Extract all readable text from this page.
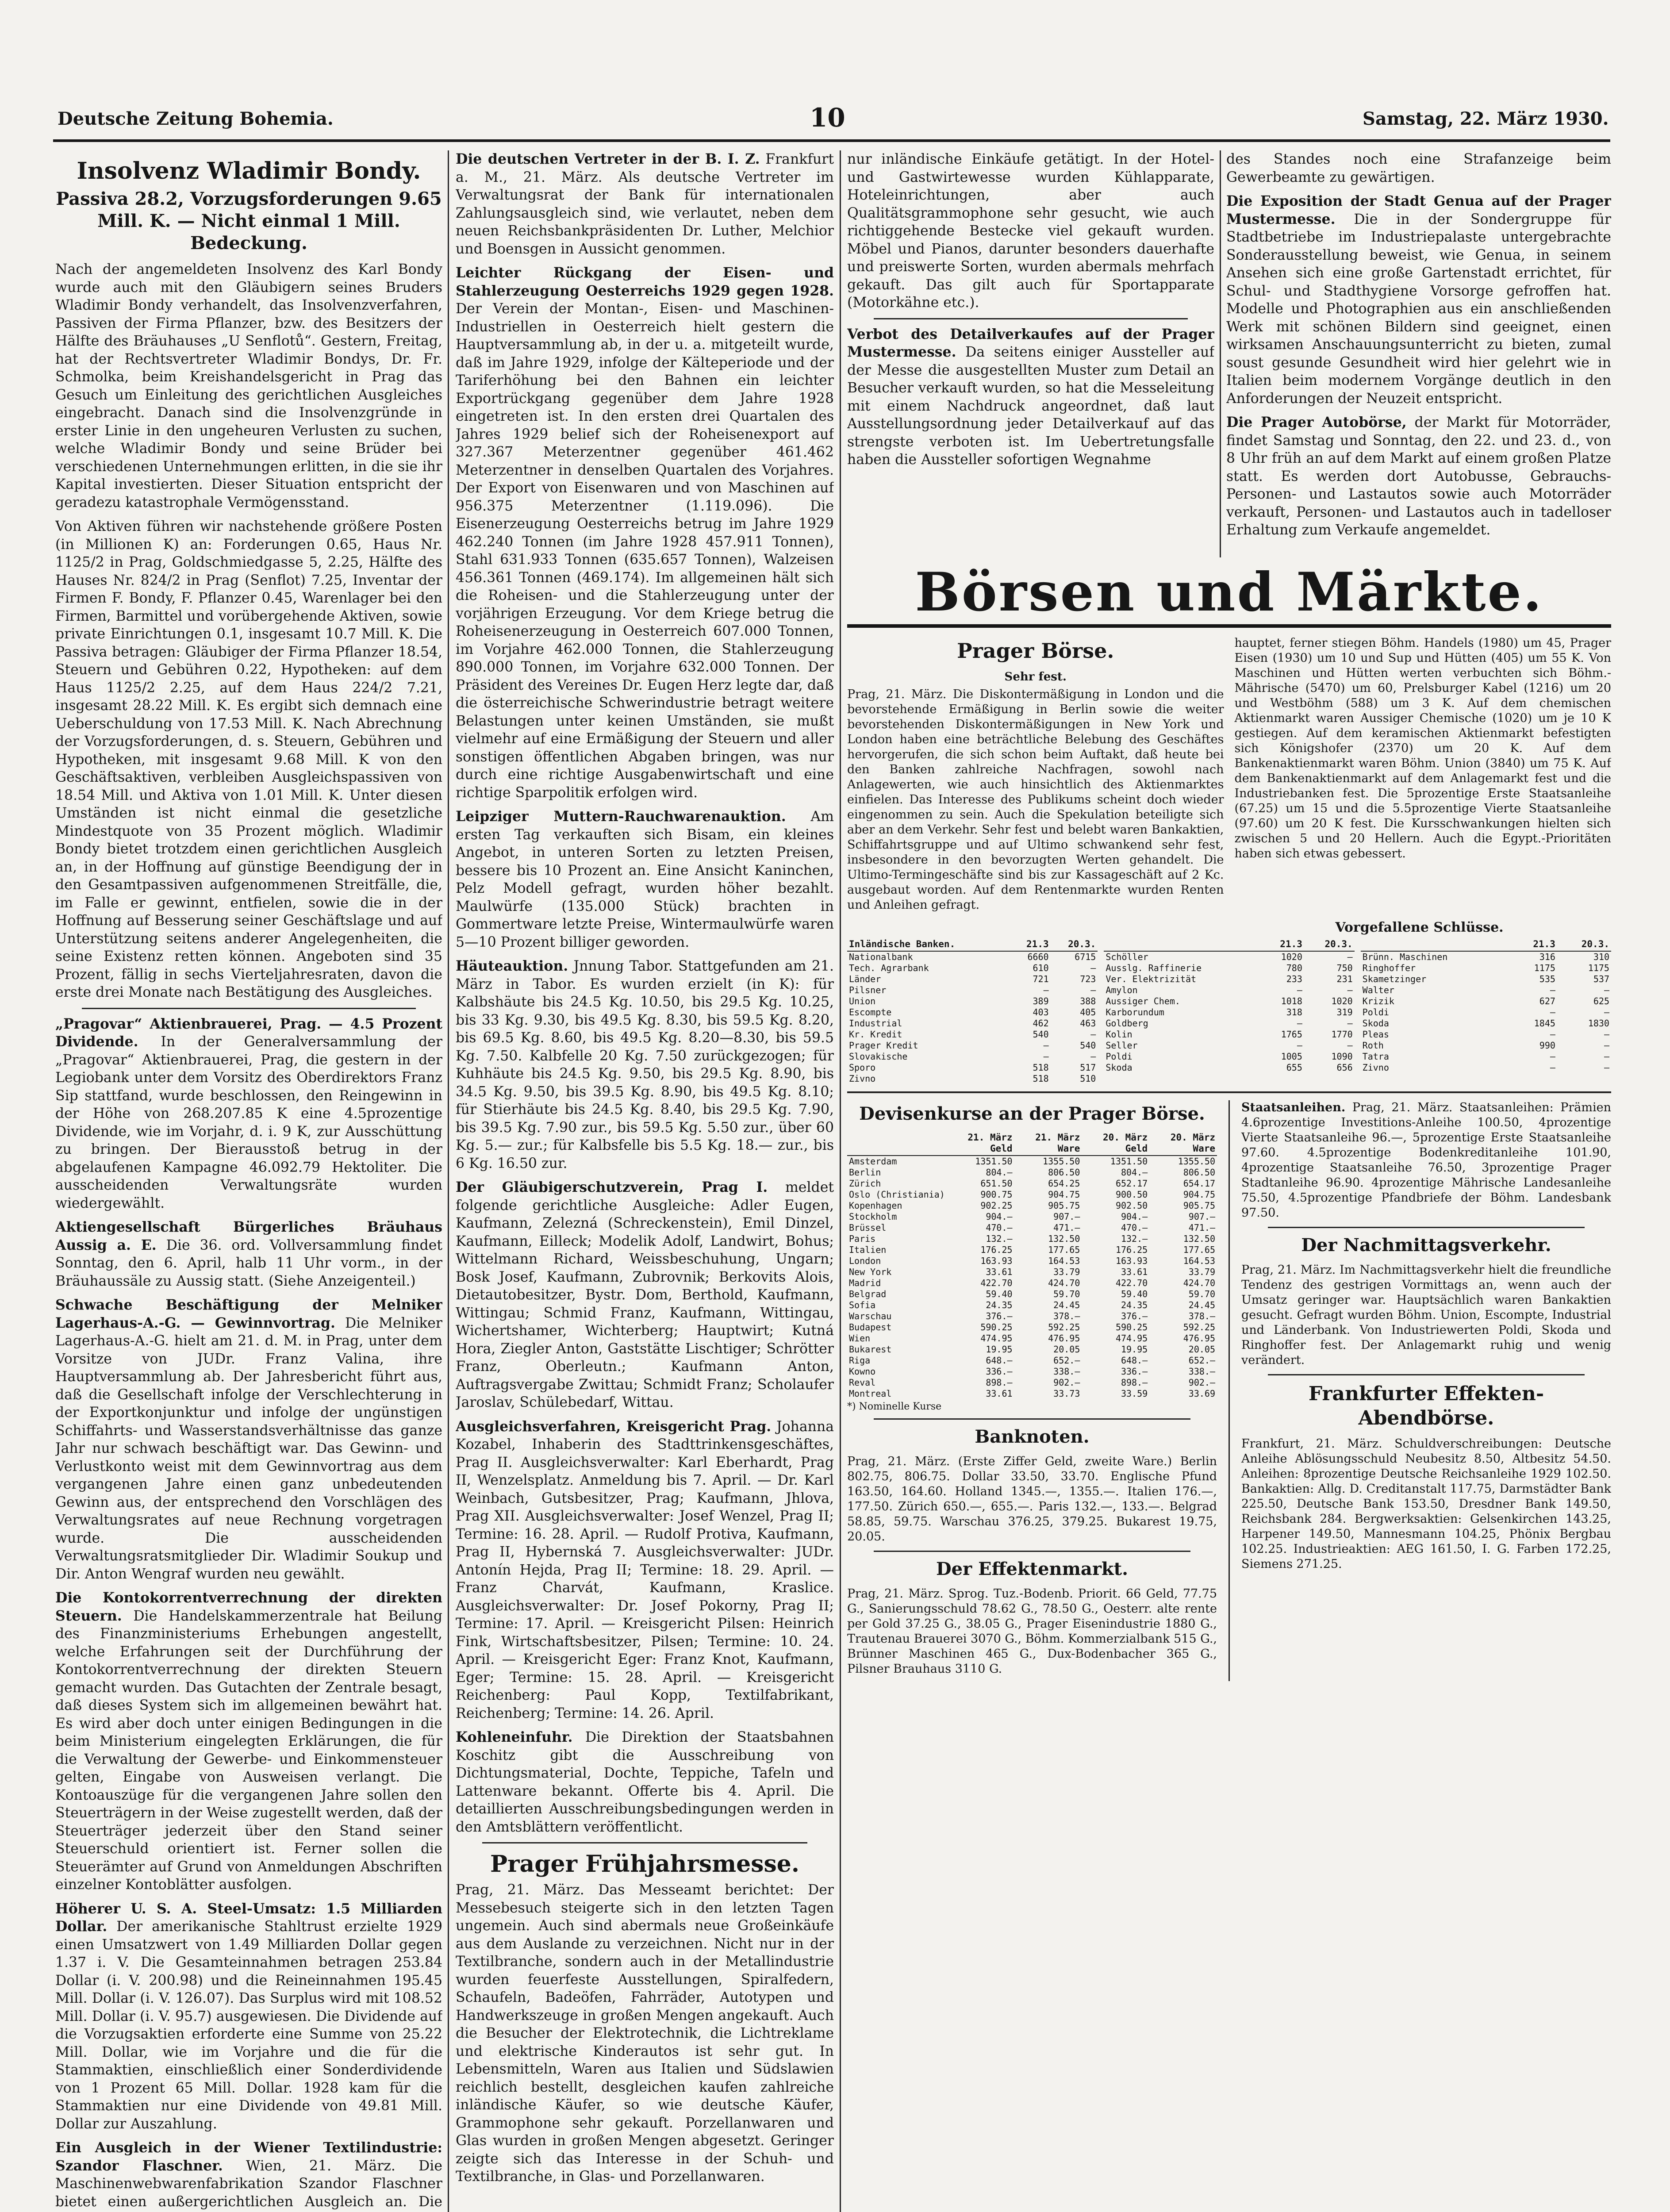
Deutsche Zeitung Bohemia.	10	Samstag, 22. März 1930.
Insolvenz Wladimir Bondy.
Passiva 28.2, Vorzugsforderungen 9.65 Mill. K. — Nicht einmal 1 Mill. Bedeckung.

Nach der angemeldeten Insolvenz des Karl Bondy wurde auch mit den Gläubigern seines Bruders Wladimir Bondy verhandelt, das Insolvenzverfahren, Passiven der Firma Pflanzer, bzw. des Besitzers der Hälfte des Bräuhauses „U Senflotů“. Gestern, Freitag, hat der Rechtsvertreter Wladimir Bondys, Dr. Fr. Schmolka, beim Kreishandelsgericht in Prag das Gesuch um Einleitung des gerichtlichen Ausgleiches eingebracht. Danach sind die Insolvenzgründe in erster Linie in den ungeheuren Verlusten zu suchen, welche Wladimir Bondy und seine Brüder bei verschiedenen Unternehmungen erlitten, in die sie ihr Kapital investierten. Dieser Situation entspricht der geradezu katastrophale Vermögensstand.

Von Aktiven führen wir nachstehende größere Posten (in Millionen K) an: Forderungen 0.65, Haus Nr. 1125/2 in Prag, Goldschmiedgasse 5, 2.25, Hälfte des Hauses Nr. 824/2 in Prag (Senflot) 7.25, Inventar der Firmen F. Bondy, F. Pflanzer 0.45, Warenlager bei den Firmen, Barmittel und vorübergehende Aktiven, sowie private Einrichtungen 0.1, insgesamt 10.7 Mill. K. Die Passiva betragen: Gläubiger der Firma Pflanzer 18.54, Steuern und Gebühren 0.22, Hypotheken: auf dem Haus 1125/2 2.25, auf dem Haus 224/2 7.21, insgesamt 28.22 Mill. K. Es ergibt sich demnach eine Ueberschuldung von 17.53 Mill. K. Nach Abrechnung der Vorzugsforderungen, d. s. Steuern, Gebühren und Hypotheken, mit insgesamt 9.68 Mill. K von den Geschäftsaktiven, verbleiben Ausgleichspassiven von 18.54 Mill. und Aktiva von 1.01 Mill. K. Unter diesen Umständen ist nicht einmal die gesetzliche Mindestquote von 35 Prozent möglich. Wladimir Bondy bietet trotzdem einen gerichtlichen Ausgleich an, in der Hoffnung auf günstige Beendigung der in den Gesamtpassiven aufgenommenen Streitfälle, die, im Falle er gewinnt, entfielen, sowie die in der Hoffnung auf Besserung seiner Geschäftslage und auf Unterstützung seitens anderer Angelegenheiten, die seine Existenz retten können. Angeboten sind 35 Prozent, fällig in sechs Vierteljahresraten, davon die erste drei Monate nach Bestätigung des Ausgleiches.

„Pragovar“ Aktienbrauerei, Prag. — 4.5 Prozent Dividende. In der Generalversammlung der „Pragovar“ Aktienbrauerei, Prag, die gestern in der Legiobank unter dem Vorsitz des Oberdirektors Franz Sip stattfand, wurde beschlossen, den Reingewinn in der Höhe von 268.207.85 K eine 4.5prozentige Dividende, wie im Vorjahr, d. i. 9 K, zur Ausschüttung zu bringen. Der Bierausstoß betrug in der abgelaufenen Kampagne 46.092.79 Hektoliter. Die ausscheidenden Verwaltungsräte wurden wiedergewählt.

Aktiengesellschaft Bürgerliches Bräuhaus Aussig a. E. Die 36. ord. Vollversammlung findet Sonntag, den 6. April, halb 11 Uhr vorm., in der Bräuhaussäle zu Aussig statt. (Siehe Anzeigenteil.)

Schwache Beschäftigung der Melniker Lagerhaus-A.-G. — Gewinnvortrag. Die Melniker Lagerhaus-A.-G. hielt am 21. d. M. in Prag, unter dem Vorsitze von JUDr. Franz Valina, ihre Hauptversammlung ab. Der Jahresbericht führt aus, daß die Gesellschaft infolge der Verschlechterung in der Exportkonjunktur und infolge der ungünstigen Schiffahrts- und Wasserstandsverhältnisse das ganze Jahr nur schwach beschäftigt war. Das Gewinn- und Verlustkonto weist mit dem Gewinnvortrag aus dem vergangenen Jahre einen ganz unbedeutenden Gewinn aus, der entsprechend den Vorschlägen des Verwaltungsrates auf neue Rechnung vorgetragen wurde. Die ausscheidenden Verwaltungsratsmitglieder Dir. Wladimir Soukup und Dir. Anton Wengraf wurden neu gewählt.

Die Kontokorrentverrechnung der direkten Steuern. Die Handelskammerzentrale hat Beilung des Finanzministeriums Erhebungen angestellt, welche Erfahrungen seit der Durchführung der Kontokorrentverrechnung der direkten Steuern gemacht wurden. Das Gutachten der Zentrale besagt, daß dieses System sich im allgemeinen bewährt hat. Es wird aber doch unter einigen Bedingungen in die beim Ministerium eingelegten Erklärungen, die für die Verwaltung der Gewerbe- und Einkommensteuer gelten, Eingabe von Ausweisen verlangt. Die Kontoauszüge für die vergangenen Jahre sollen den Steuerträgern in der Weise zugestellt werden, daß der Steuerträger jederzeit über den Stand seiner Steuerschuld orientiert ist. Ferner sollen die Steuerämter auf Grund von Anmeldungen Abschriften einzelner Kontoblätter ausfolgen.

Höherer U. S. A. Steel-Umsatz: 1.5 Milliarden Dollar. Der amerikanische Stahltrust erzielte 1929 einen Umsatzwert von 1.49 Milliarden Dollar gegen 1.37 i. V. Die Gesamteinnahmen betragen 253.84 Dollar (i. V. 200.98) und die Reineinnahmen 195.45 Mill. Dollar (i. V. 126.07). Das Surplus wird mit 108.52 Mill. Dollar (i. V. 95.7) ausgewiesen. Die Dividende auf die Vorzugsaktien erforderte eine Summe von 25.22 Mill. Dollar, wie im Vorjahre und die für die Stammaktien, einschließlich einer Sonderdividende von 1 Prozent 65 Mill. Dollar. 1928 kam für die Stammaktien nur eine Dividende von 49.81 Mill. Dollar zur Auszahlung.

Ein Ausgleich in der Wiener Textilindustrie: Szandor Flaschner. Wien, 21. März. Die Maschinenwebwarenfabrikation Szandor Flaschner bietet einen außergerichtlichen Ausgleich an. Die

Die deutschen Vertreter in der B. I. Z. Frankfurt a. M., 21. März. Als deutsche Vertreter im Verwaltungsrat der Bank für internationalen Zahlungsausgleich sind, wie verlautet, neben dem neuen Reichsbankpräsidenten Dr. Luther, Melchior und Boensgen in Aussicht genommen.

Leichter Rückgang der Eisen- und Stahlerzeugung Oesterreichs 1929 gegen 1928. Der Verein der Montan-, Eisen- und Maschinen-Industriellen in Oesterreich hielt gestern die Hauptversammlung ab, in der u. a. mitgeteilt wurde, daß im Jahre 1929, infolge der Kälteperiode und der Tariferhöhung bei den Bahnen ein leichter Exportrückgang gegenüber dem Jahre 1928 eingetreten ist. In den ersten drei Quartalen des Jahres 1929 belief sich der Roheisenexport auf 327.367 Meterzentner gegenüber 461.462 Meterzentner in denselben Quartalen des Vorjahres. Der Export von Eisenwaren und von Maschinen auf 956.375 Meterzentner (1.119.096). Die Eisenerzeugung Oesterreichs betrug im Jahre 1929 462.240 Tonnen (im Jahre 1928 457.911 Tonnen), Stahl 631.933 Tonnen (635.657 Tonnen), Walzeisen 456.361 Tonnen (469.174). Im allgemeinen hält sich die Roheisen- und die Stahlerzeugung unter der vorjährigen Erzeugung. Vor dem Kriege betrug die Roheisenerzeugung in Oesterreich 607.000 Tonnen, im Vorjahre 462.000 Tonnen, die Stahlerzeugung 890.000 Tonnen, im Vorjahre 632.000 Tonnen. Der Präsident des Vereines Dr. Eugen Herz legte dar, daß die österreichische Schwerindustrie betragt weitere Belastungen unter keinen Umständen, sie mußt vielmehr auf eine Ermäßigung der Steuern und aller sonstigen öffentlichen Abgaben bringen, was nur durch eine richtige Ausgabenwirtschaft und eine richtige Sparpolitik erfolgen wird.

Leipziger Muttern-Rauchwarenauktion. Am ersten Tag verkauften sich Bisam, ein kleines Angebot, in unteren Sorten zu letzten Preisen, bessere bis 10 Prozent an. Eine Ansicht Kaninchen, Pelz Modell gefragt, wurden höher bezahlt. Maulwürfe (135.000 Stück) brachten in Gommertware letzte Preise, Wintermaulwürfe waren 5—10 Prozent billiger geworden.

Häuteauktion. Jnnung Tabor. Stattgefunden am 21. März in Tabor. Es wurden erzielt (in K): für Kalbshäute bis 24.5 Kg. 10.50, bis 29.5 Kg. 10.25, bis 33 Kg. 9.30, bis 49.5 Kg. 8.30, bis 59.5 Kg. 8.20, bis 69.5 Kg. 8.60, bis 49.5 Kg. 8.20—8.30, bis 59.5 Kg. 7.50. Kalbfelle 20 Kg. 7.50 zurückgezogen; für Kuhhäute bis 24.5 Kg. 9.50, bis 29.5 Kg. 8.90, bis 34.5 Kg. 9.50, bis 39.5 Kg. 8.90, bis 49.5 Kg. 8.10; für Stierhäute bis 24.5 Kg. 8.40, bis 29.5 Kg. 7.90, bis 39.5 Kg. 7.90 zur., bis 59.5 Kg. 5.50 zur., über 60 Kg. 5.— zur.; für Kalbsfelle bis 5.5 Kg. 18.— zur., bis 6 Kg. 16.50 zur.

Der Gläubigerschutzverein, Prag I. meldet folgende gerichtliche Ausgleiche: Adler Eugen, Kaufmann, Zelezná (Schreckenstein), Emil Dinzel, Kaufmann, Eilleck; Modelik Adolf, Landwirt, Bohus; Wittelmann Richard, Weissbeschuhung, Ungarn; Bosk Josef, Kaufmann, Zubrovnik; Berkovits Alois, Dietautobesitzer, Bystr. Dom, Berthold, Kaufmann, Wittingau; Schmid Franz, Kaufmann, Wittingau, Wichertshamer, Wichterberg; Hauptwirt; Kutná Hora, Ziegler Anton, Gaststätte Lischtiger; Schrötter Franz, Oberleutn.; Kaufmann Anton, Auftragsvergabe Zwittau; Schmidt Franz; Scholaufer Jaroslav, Schülebedarf, Wittau.

Ausgleichsverfahren, Kreisgericht Prag. Johanna Kozabel, Inhaberin des Stadttrinkensgeschäftes, Prag II. Ausgleichsverwalter: Karl Eberhardt, Prag II, Wenzelsplatz. Anmeldung bis 7. April. — Dr. Karl Weinbach, Gutsbesitzer, Prag; Kaufmann, Jhlova, Prag XII. Ausgleichsverwalter: Josef Wenzel, Prag II; Termine: 16. 28. April. — Rudolf Protiva, Kaufmann, Prag II, Hybernská 7. Ausgleichsverwalter: JUDr. Antonín Hejda, Prag II; Termine: 18. 29. April. — Franz Charvát, Kaufmann, Kraslice. Ausgleichsverwalter: Dr. Josef Pokorny, Prag II; Termine: 17. April. — Kreisgericht Pilsen: Heinrich Fink, Wirtschaftsbesitzer, Pilsen; Termine: 10. 24. April. — Kreisgericht Eger: Franz Knot, Kaufmann, Eger; Termine: 15. 28. April. — Kreisgericht Reichenberg: Paul Kopp, Textilfabrikant, Reichenberg; Termine: 14. 26. April.

Kohleneinfuhr. Die Direktion der Staatsbahnen Koschitz gibt die Ausschreibung von Dichtungsmaterial, Dochte, Teppiche, Tafeln und Lattenware bekannt. Offerte bis 4. April. Die detaillierten Ausschreibungsbedingungen werden in den Amtsblättern veröffentlicht.

Prager Frühjahrsmesse.

Prag, 21. März. Das Messeamt berichtet: Der Messebesuch steigerte sich in den letzten Tagen ungemein. Auch sind abermals neue Großeinkäufe aus dem Auslande zu verzeichnen. Nicht nur in der Textilbranche, sondern auch in der Metallindustrie wurden feuerfeste Ausstellungen, Spiralfedern, Schaufeln, Badeöfen, Fahrräder, Autotypen und Handwerkszeuge in großen Mengen angekauft. Auch die Besucher der Elektrotechnik, die Lichtreklame und elektrische Kinderautos ist sehr gut. In Lebensmitteln, Waren aus Italien und Südslawien reichlich bestellt, desgleichen kaufen zahlreiche inländische Käufer, so wie deutsche Käufer, Grammophone sehr gekauft. Porzellanwaren und Glas wurden in großen Mengen abgesetzt. Geringer zeigte sich das Interesse in der Schuh- und Textilbranche, in Glas- und Porzellanwaren.

nur inländische Einkäufe getätigt. In der Hotel- und Gastwirtewesse wurden Kühlapparate, Hoteleinrichtungen, aber auch Qualitätsgrammophone sehr gesucht, wie auch richtiggehende Bestecke viel gekauft wurden. Möbel und Pianos, darunter besonders dauerhafte und preiswerte Sorten, wurden abermals mehrfach gekauft. Das gilt auch für Sportapparate (Motorkähne etc.).

Verbot des Detailverkaufes auf der Prager Mustermesse. Da seitens einiger Aussteller auf der Messe die ausgestellten Muster zum Detail an Besucher verkauft wurden, so hat die Messeleitung mit einem Nachdruck angeordnet, daß laut Ausstellungsordnung jeder Detailverkauf auf das strengste verboten ist. Im Uebertretungsfalle haben die Aussteller sofortigen Wegnahme

des Standes noch eine Strafanzeige beim Gewerbeamte zu gewärtigen.

Die Exposition der Stadt Genua auf der Prager Mustermesse. Die in der Sondergruppe für Stadtbetriebe im Industriepalaste untergebrachte Sonderausstellung beweist, wie Genua, in seinem Ansehen sich eine große Gartenstadt errichtet, für Schul- und Stadthygiene Vorsorge gefroffen hat. Modelle und Photographien aus ein anschließenden Werk mit schönen Bildern sind geeignet, einen wirksamen Anschauungsunterricht zu bieten, zumal soust gesunde Gesundheit wird hier gelehrt wie in Italien beim modernem Vorgänge deutlich in den Anforderungen der Neuzeit entspricht.

Die Prager Autobörse, der Markt für Motorräder, findet Samstag und Sonntag, den 22. und 23. d., von 8 Uhr früh an auf dem Markt auf einem großen Platze statt. Es werden dort Autobusse, Gebrauchs-Personen- und Lastautos sowie auch Motorräder verkauft, Personen- und Lastautos auch in tadelloser Erhaltung zum Verkaufe angemeldet.

Börsen und Märkte.
Prager Börse.
Sehr fest.

Prag, 21. März. Die Diskontermäßigung in London und die bevorstehende Ermäßigung in Berlin sowie die weiter bevorstehenden Diskontermäßigungen in New York und London haben eine beträchtliche Belebung des Geschäftes hervorgerufen, die sich schon beim Auftakt, daß heute bei den Banken zahlreiche Nachfragen, sowohl nach Anlagewerten, wie auch hinsichtlich des Aktienmarktes einfielen. Das Interesse des Publikums scheint doch wieder eingenommen zu sein. Auch die Spekulation beteiligte sich aber an dem Verkehr. Sehr fest und belebt waren Bankaktien, Schiffahrtsgruppe und auf Ultimo schwankend sehr fest, insbesondere in den bevorzugten Werten gehandelt. Die Ultimo-Termingeschäfte sind bis zur Kassageschäft auf 2 Kc. ausgebaut worden. Auf dem Rentenmarkte wurden Renten und Anleihen gefragt.

hauptet, ferner stiegen Böhm. Handels (1980) um 45, Prager Eisen (1930) um 10 und Sup und Hütten (405) um 55 K. Von Maschinen und Hütten werten verbuchten sich Böhm.-Mährische (5470) um 60, Prelsburger Kabel (1216) um 20 und Westböhm (588) um 3 K. Auf dem chemischen Aktienmarkt waren Aussiger Chemische (1020) um je 10 K gestiegen. Auf dem keramischen Aktienmarkt befestigten sich Königshofer (2370) um 20 K. Auf dem Bankenaktienmarkt waren Böhm. Union (3840) um 75 K. Auf dem Bankenaktienmarkt auf dem Anlagemarkt fest und die Industriebanken fest. Die 5prozentige Erste Staatsanleihe (67.25) um 15 und die 5.5prozentige Vierte Staatsanleihe (97.60) um 20 K fest. Die Kursschwankungen hielten sich zwischen 5 und 20 Hellern. Auch die Egypt.-Prioritäten haben sich etwas gebessert.

Vorgefallene Schlüsse.
Inländische Banken.	21.3	20.3.
Nationalbank	6660	6715
Tech. Agrarbank	610	—
Länder	721	723
Pilsner	—	—
Union	389	388
Escompte	403	405
Industrial	462	463
Kr. Kredit	540	—
Prager Kredit	—	540
Slovakische	—	—
Sporo	518	517
Zivno	518	510
	21.3	20.3.
Schöller	1020	—
Ausslg. Raffinerie	780	750
Ver. Elektrizität	233	231
Amylon	—	—
Aussiger Chem.	1018	1020
Karborundum	318	319
Goldberg	—	—
Kolin	1765	1770
Seller	—	—
Poldi	1005	1090
Skoda	655	656
	21.3	20.3.
Brünn. Maschinen	316	310
Ringhoffer	1175	1175
Skametzinger	535	537
Walter	—	—
Krizik	627	625
Poldi	—	—
Skoda	1845	1830
Pleas	—	—
Roth	990	—
Tatra	—	—
Zivno	—	—
Devisenkurse an der Prager Börse.
	21. März Geld	21. März Ware	20. März Geld	20. März Ware
Amsterdam	1351.50	1355.50	1351.50	1355.50
Berlin	804.—	806.50	804.—	806.50
Zürich	651.50	654.25	652.17	654.17
Oslo (Christiania)	900.75	904.75	900.50	904.75
Kopenhagen	902.25	905.75	902.50	905.75
Stockholm	904.—	907.—	904.—	907.—
Brüssel	470.—	471.—	470.—	471.—
Paris	132.—	132.50	132.—	132.50
Italien	176.25	177.65	176.25	177.65
London	163.93	164.53	163.93	164.53
New York	33.61	33.79	33.61	33.79
Madrid	422.70	424.70	422.70	424.70
Belgrad	59.40	59.70	59.40	59.70
Sofia	24.35	24.45	24.35	24.45
Warschau	376.—	378.—	376.—	378.—
Budapest	590.25	592.25	590.25	592.25
Wien	474.95	476.95	474.95	476.95
Bukarest	19.95	20.05	19.95	20.05
Riga	648.—	652.—	648.—	652.—
Kowno	336.—	338.—	336.—	338.—
Reval	898.—	902.—	898.—	902.—
Montreal	33.61	33.73	33.59	33.69
*) Nominelle Kurse
Banknoten.

Prag, 21. März. (Erste Ziffer Geld, zweite Ware.) Berlin 802.75, 806.75. Dollar 33.50, 33.70. Englische Pfund 163.50, 164.60. Holland 1345.—, 1355.—. Italien 176.—, 177.50. Zürich 650.—, 655.—. Paris 132.—, 133.—. Belgrad 58.85, 59.75. Warschau 376.25, 379.25. Bukarest 19.75, 20.05.

Der Effektenmarkt.

Prag, 21. März. Sprog. Tuz.-Bodenb. Priorit. 66 Geld, 77.75 G., Sanierungsschuld 78.62 G., 78.50 G., Oesterr. alte rente per Gold 37.25 G., 38.05 G., Prager Eisenindustrie 1880 G., Trautenau Brauerei 3070 G., Böhm. Kommerzialbank 515 G., Brünner Maschinen 465 G., Dux-Bodenbacher 365 G., Pilsner Brauhaus 3110 G.

Staatsanleihen. Prag, 21. März. Staatsanleihen: Prämien 4.6prozentige Investitions-Anleihe 100.50, 4prozentige Vierte Staatsanleihe 96.—, 5prozentige Erste Staatsanleihe 97.60. 4.5prozentige Bodenkreditanleihe 101.90, 4prozentige Staatsanleihe 76.50, 3prozentige Prager Stadtanleihe 96.90. 4prozentige Mährische Landesanleihe 75.50, 4.5prozentige Pfandbriefe der Böhm. Landesbank 97.50.

Der Nachmittagsverkehr.

Prag, 21. März. Im Nachmittagsverkehr hielt die freundliche Tendenz des gestrigen Vormittags an, wenn auch der Umsatz geringer war. Hauptsächlich waren Bankaktien gesucht. Gefragt wurden Böhm. Union, Escompte, Industrial und Länderbank. Von Industriewerten Poldi, Skoda und Ringhoffer fest. Der Anlagemarkt ruhig und wenig verändert.

Frankfurter Effekten-Abendbörse.

Frankfurt, 21. März. Schuldverschreibungen: Deutsche Anleihe Ablösungsschuld Neubesitz 8.50, Altbesitz 54.50. Anleihen: 8prozentige Deutsche Reichsanleihe 1929 102.50. Bankaktien: Allg. D. Creditanstalt 117.75, Darmstädter Bank 225.50, Deutsche Bank 153.50, Dresdner Bank 149.50, Reichsbank 284. Bergwerksaktien: Gelsenkirchen 143.25, Harpener 149.50, Mannesmann 104.25, Phönix Bergbau 102.25. Industrieaktien: AEG 161.50, I. G. Farben 172.25, Siemens 271.25.
